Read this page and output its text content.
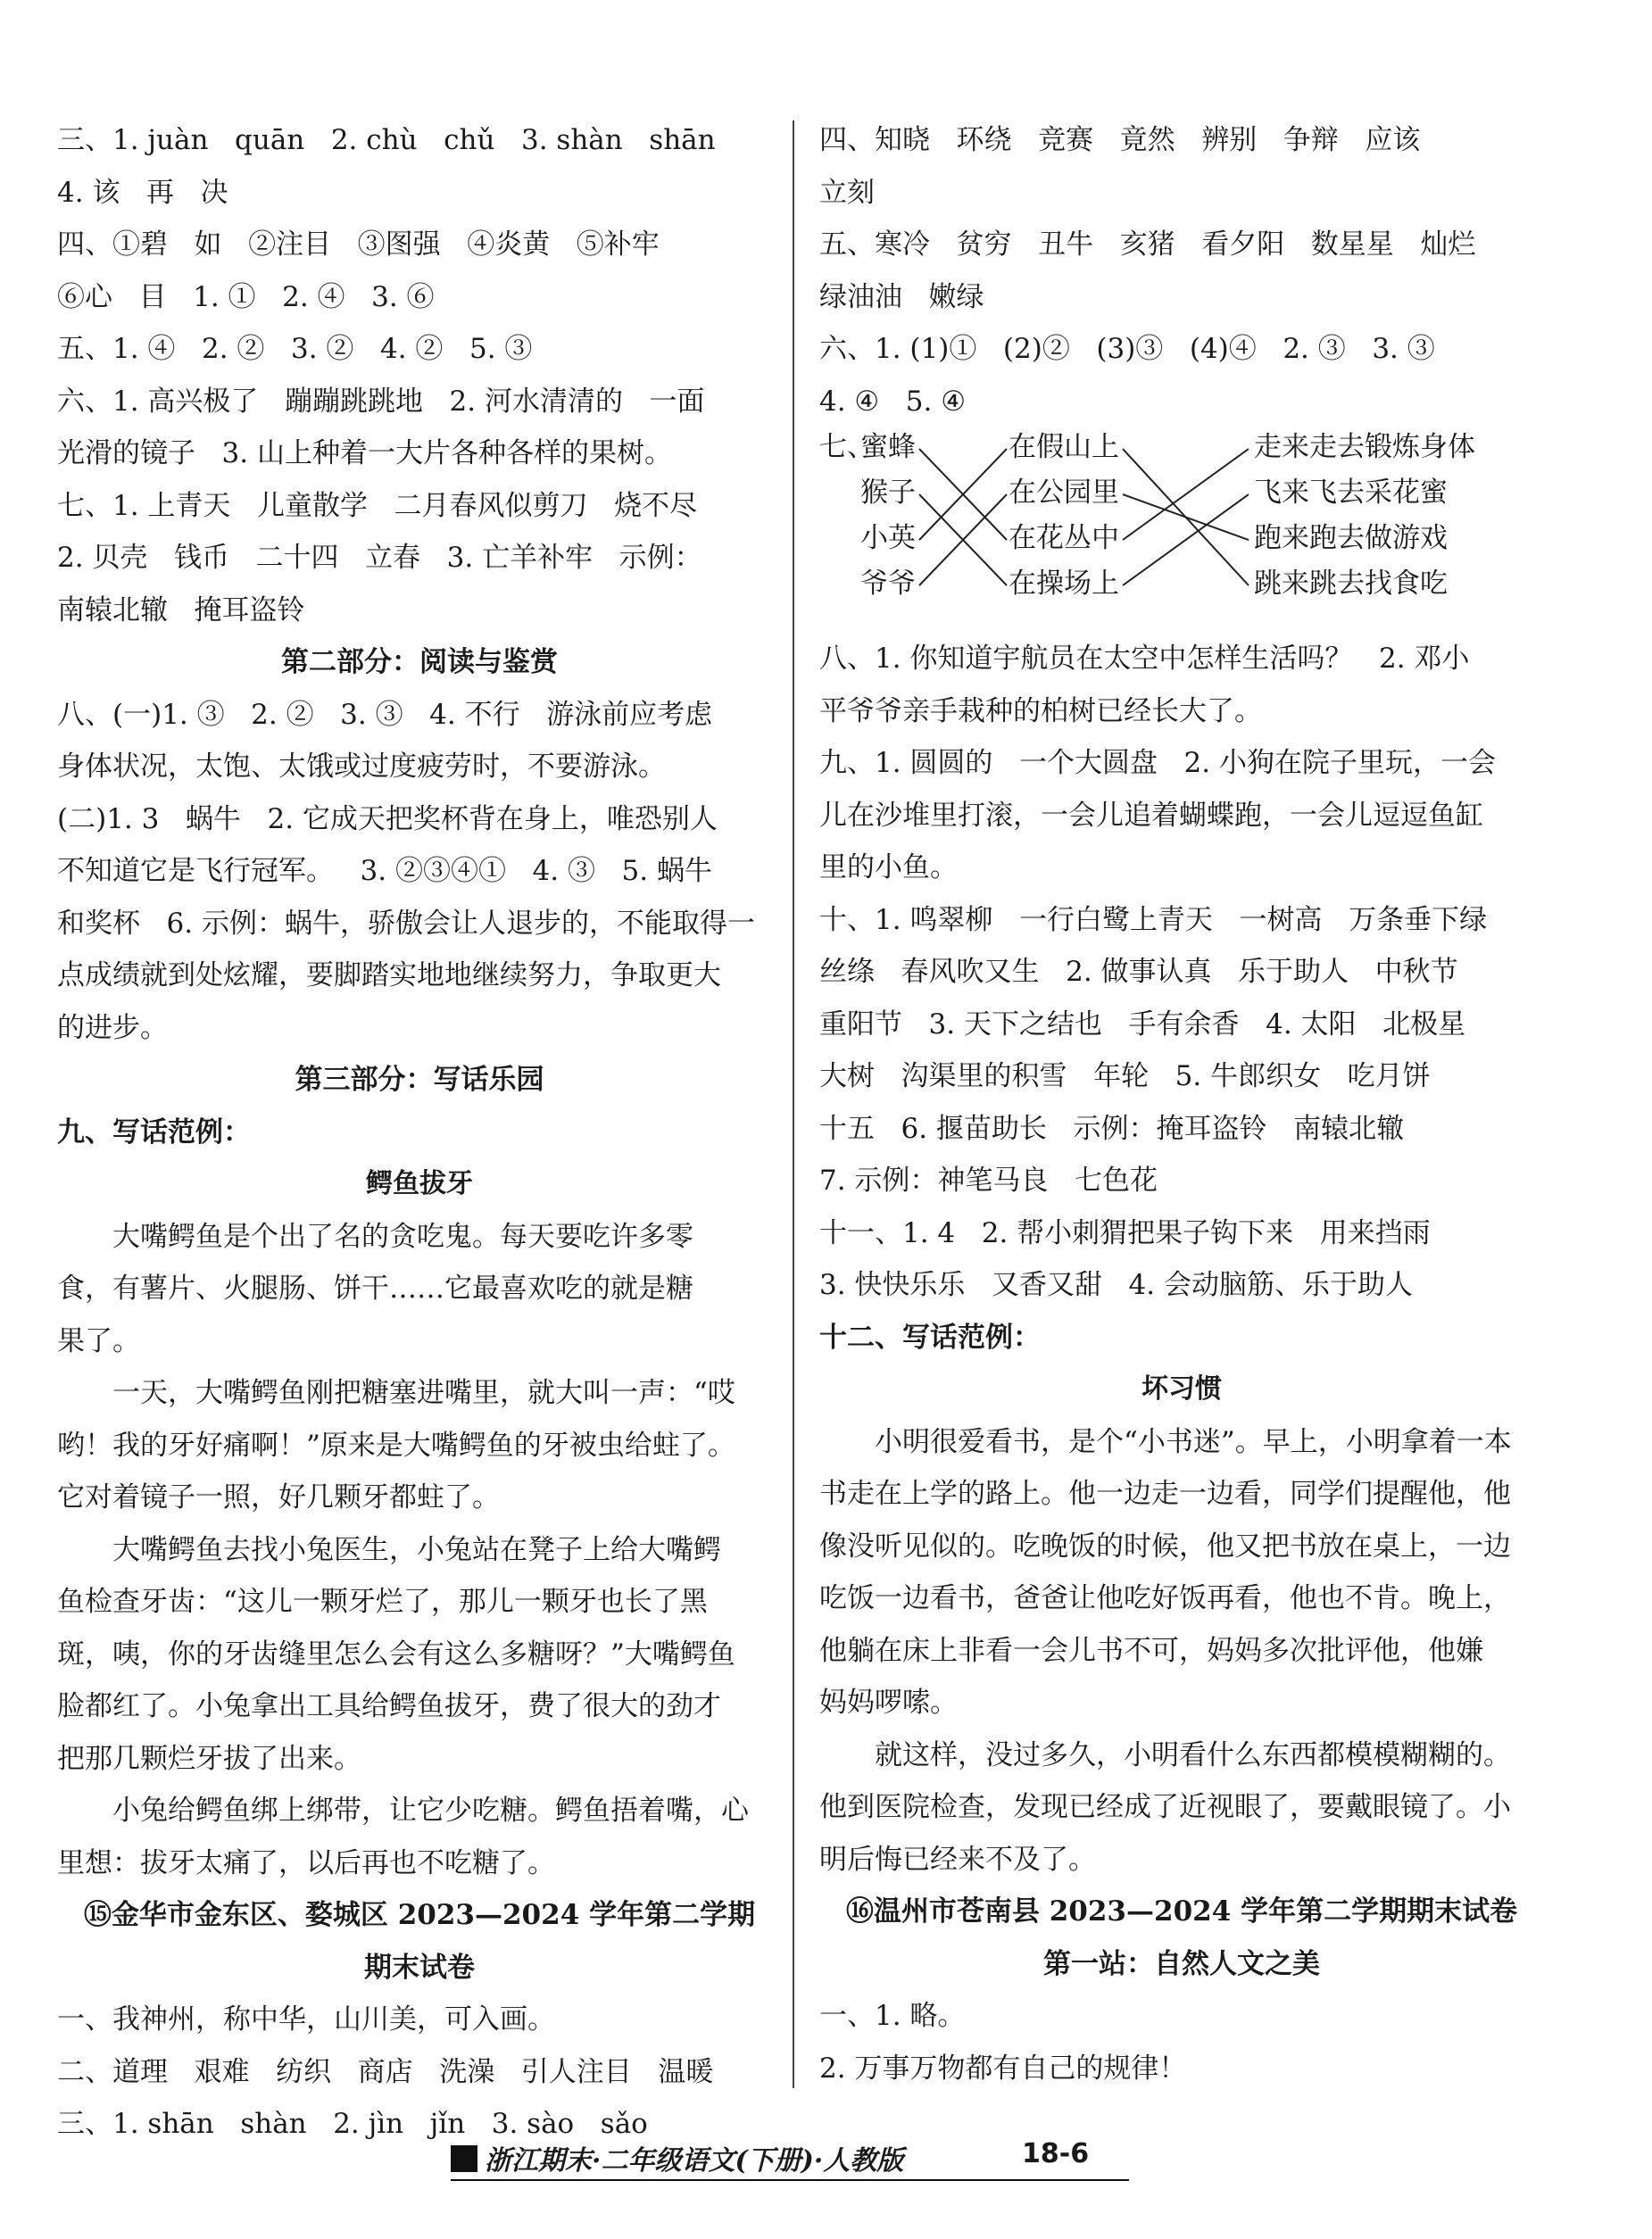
三、1. juàn   quān   2. chù   chǔ   3. shàn   shān
4. 该   再   决
四、①碧   如   ②注目   ③图强   ④炎黄   ⑤补牢
⑥心   目   1. ①   2. ④   3. ⑥
五、1. ④   2. ②   3. ②   4. ②   5. ③
六、1. 高兴极了   蹦蹦跳跳地   2. 河水清清的   一面
光滑的镜子   3. 山上种着一大片各种各样的果树。
七、1. 上青天   儿童散学   二月春风似剪刀   烧不尽
2. 贝壳   钱币   二十四   立春   3. 亡羊补牢   示例：
南辕北辙   掩耳盗铃
第二部分：阅读与鉴赏
八、(一)1. ③   2. ②   3. ③   4. 不行   游泳前应考虑
身体状况，太饱、太饿或过度疲劳时，不要游泳。
(二)1. 3   蜗牛   2. 它成天把奖杯背在身上，唯恐别人
不知道它是飞行冠军。   3. ②③④①   4. ③   5. 蜗牛
和奖杯   6. 示例：蜗牛，骄傲会让人退步的，不能取得一
点成绩就到处炫耀，要脚踏实地地继续努力，争取更大
的进步。
第三部分：写话乐园
九、写话范例：
鳄鱼拔牙
大嘴鳄鱼是个出了名的贪吃鬼。每天要吃许多零
食，有薯片、火腿肠、饼干……它最喜欢吃的就是糖
果了。
一天，大嘴鳄鱼刚把糖塞进嘴里，就大叫一声：“哎
哟！我的牙好痛啊！”原来是大嘴鳄鱼的牙被虫给蛀了。
它对着镜子一照，好几颗牙都蛀了。
大嘴鳄鱼去找小兔医生，小兔站在凳子上给大嘴鳄
鱼检查牙齿：“这儿一颗牙烂了，那儿一颗牙也长了黑
斑，咦，你的牙齿缝里怎么会有这么多糖呀？”大嘴鳄鱼
脸都红了。小兔拿出工具给鳄鱼拔牙，费了很大的劲才
把那几颗烂牙拔了出来。
小兔给鳄鱼绑上绑带，让它少吃糖。鳄鱼捂着嘴，心
里想：拔牙太痛了，以后再也不吃糖了。
⑮金华市金东区、婺城区 2023—2024 学年第二学期
期末试卷
一、我神州，称中华，山川美，可入画。
二、道理   艰难   纺织   商店   洗澡   引人注目   温暖
三、1. shān   shàn   2. jìn   jǐn   3. sào   sǎo
四、知晓   环绕   竞赛   竟然   辨别   争辩   应该
立刻
五、寒冷   贫穷   丑牛   亥猪   看夕阳   数星星   灿烂
绿油油   嫩绿
六、1. (1)①   (2)②   (3)③   (4)④   2. ③   3. ③
4. ④   5. ④
七、
蜜蜂
猴子
小英
爷爷
在假山上
在公园里
在花丛中
在操场上
走来走去锻炼身体
飞来飞去采花蜜
跑来跑去做游戏
跳来跳去找食吃
八、1. 你知道宇航员在太空中怎样生活吗？   2. 邓小
平爷爷亲手栽种的柏树已经长大了。
九、1. 圆圆的   一个大圆盘   2. 小狗在院子里玩，一会
儿在沙堆里打滚，一会儿追着蝴蝶跑，一会儿逗逗鱼缸
里的小鱼。
十、1. 鸣翠柳   一行白鹭上青天   一树高   万条垂下绿
丝绦   春风吹又生   2. 做事认真   乐于助人   中秋节
重阳节   3. 天下之结也   手有余香   4. 太阳   北极星
大树   沟渠里的积雪   年轮   5. 牛郎织女   吃月饼
十五   6. 揠苗助长   示例：掩耳盗铃   南辕北辙
7. 示例：神笔马良   七色花
十一、1. 4   2. 帮小刺猬把果子钩下来   用来挡雨
3. 快快乐乐   又香又甜   4. 会动脑筋、乐于助人
十二、写话范例：
坏习惯
小明很爱看书，是个“小书迷”。早上，小明拿着一本
书走在上学的路上。他一边走一边看，同学们提醒他，他
像没听见似的。吃晚饭的时候，他又把书放在桌上，一边
吃饭一边看书，爸爸让他吃好饭再看，他也不肯。晚上，
他躺在床上非看一会儿书不可，妈妈多次批评他，他嫌
妈妈啰嗦。
就这样，没过多久，小明看什么东西都模模糊糊的。
他到医院检查，发现已经成了近视眼了，要戴眼镜了。小
明后悔已经来不及了。
⑯温州市苍南县 2023—2024 学年第二学期期末试卷
第一站：自然人文之美
一、1. 略。
2. 万事万物都有自己的规律！
浙江期末·二年级语文(下册)·人教版	18-6
